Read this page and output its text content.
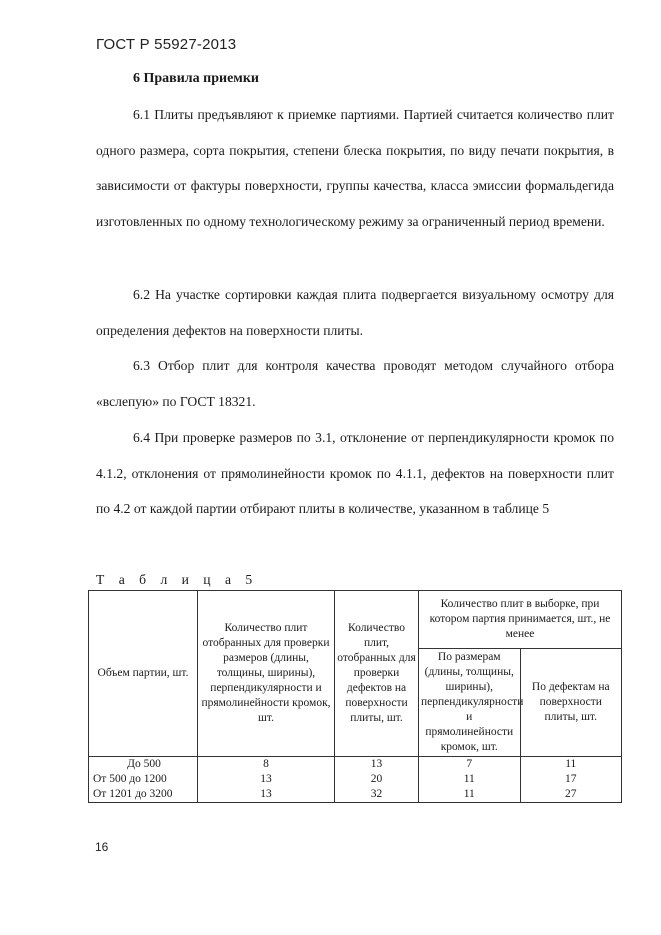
ГОСТ Р 55927-2013
6 Правила приемки

6.1 Плиты предъявляют к приемке партиями. Партией считается количество плит одного размера, сорта покрытия, степени блеска покрытия, по виду печати покрытия, в зависимости от фактуры поверхности, группы качества, класса эмиссии формальдегида изготовленных по одному технологическому режиму за ограниченный период времени.

6.2 На участке сортировки каждая плита подвергается визуальному осмотру для определения дефектов на поверхности плиты.

6.3 Отбор плит для контроля качества проводят методом случайного отбора «вслепую» по ГОСТ 18321.

6.4 При проверке размеров по 3.1, отклонение от перпендикулярности кромок по 4.1.2, отклонения от прямолинейности кромок по 4.1.1, дефектов на поверхности плит по 4.2 от каждой партии отбирают плиты в количестве, указанном в таблице 5

Т а б л и ц а 5
Объем партии, шт.	Количество плит отобранных для проверки размеров (длины, толщины, ширины), перпендикулярности и прямолинейности кромок, шт.	Количество плит, отобранных для проверки дефектов на поверхности плиты, шт.	Количество плит в выборке, при котором партия принимается, шт., не менее	
			По размерам (длины, толщины, ширины), перпендикулярности и прямолинейности кромок, шт.	По дефектам на поверхности плиты, шт.
До 500	8	13	7	11
От 500 до 1200	13	20	11	17
От 1201 до 3200	13	32	11	27
16
